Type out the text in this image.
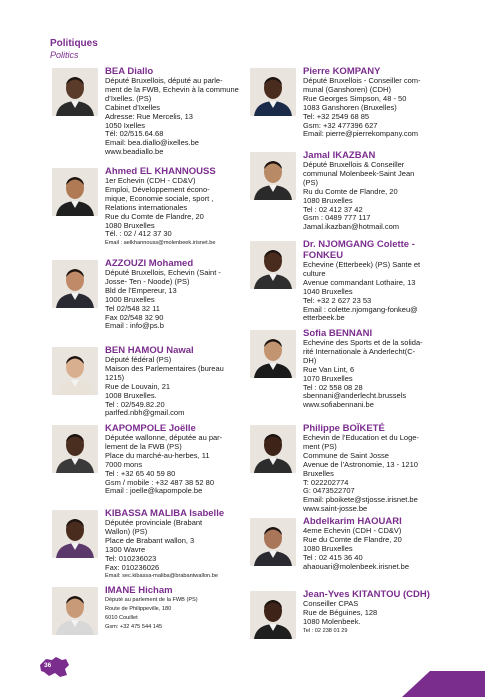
Politiques
Politics
BEA Diallo
Député Bruxellois, député au parle-
ment de la FWB, Echevin à la commune
d’Ixelles. (PS)
Cabinet d’Ixelles
Adresse: Rue Mercelis, 13
1050 Ixelles
Tél: 02/515.64.68
Email: bea.diallo@ixelles.be
www.beadiallo.be
Ahmed EL KHANNOUSS
1er Echevin (CDH - CD&V)
Emploi, Développement écono-
mique, Economie sociale, sport ,
Relations internationales
Rue du Comte de Flandre, 20
1080 Bruxelles
Tél. : 02 / 412 37 30
Email : aelkhannouss@molenbeek.irisnet.be
AZZOUZI Mohamed
Député Bruxellois, Echevin (Saint -
Josse- Ten - Noode) (PS)
Bld de l’Empereur, 13
1000 Bruxelles
Tel 02/548 32 11
Fax 02/548 32 90
Email : info@ps.b
BEN HAMOU Nawal
Député fédéral (PS)
Maison des Parlementaires (bureau
1215)
Rue de Louvain, 21
1008 Bruxelles.
Tel : 02/549.82.20
parlfed.nbh@gmail.com
KAPOMPOLE Joëlle
Députée wallonne, députée au par-
lement de la FWB (PS)
Place du marché-au-herbes, 11
7000 mons
Tel : +32 65 40 59 80
Gsm / mobile : +32 487 38 52 80
Email : joelle@kapompole.be
KIBASSA MALIBA Isabelle
Députée provinciale (Brabant
Wallon) (PS)
Place de Brabant wallon, 3
1300 Wavre
Tel: 010236023
Fax: 010236026
Email: sec.kibassa-maliba@brabantwallon.be
IMANE Hicham
Député au parlement de la FWB (PS)
Route de Philippeville, 180
6010 Couillet
Gsm: +32 475 544 145
Pierre KOMPANY
Député Bruxellois - Conseiller com-
munal (Ganshoren) (CDH)
Rue Georges Simpson, 48 - 50
1083 Ganshoren (Bruxelles)
Tel: +32 2549 68 85
Gsm: +32 477396 627
Email: pierre@pierrekompany.com
Jamal IKAZBAN
Député Bruxellois & Conseiller
communal Molenbeek-Saint Jean
(PS)
Ru du Comte de Flandre, 20
1080 Bruxelles
Tel : 02 412 37 42
Gsm : 0489 777 117
Jamal.ikazban@hotmail.com
Dr. NJOMGANG Colette -
FONKEU
Echevine (Etterbeek) (PS) Sante et
culture
Avenue commandant Lothaire, 13
1040 Bruxelles
Tel: +32 2 627 23 53
Email : colette.njomgang-fonkeu@
etterbeek.be
Sofia BENNANI
Echevine des Sports et de la solida-
rité Internationale à Anderlecht(C-
DH)
Rue Van Lint, 6
1070 Bruxelles
Tel : 02 558 08 28
sbennani@anderlecht.brussels
www.sofiabennani.be
Philippe BOÏKETÉ
Echevin de l’Education et du Loge-
ment (PS)
Commune de Saint Josse
Avenue de l’Astronomie, 13 - 1210
Bruxelles
T: 022202774
G: 0473522707
Email: pboikete@stjosse.irisnet.be
www.saint-josse.be
Abdelkarim HAOUARI
4eme Echevin (CDH - CD&V)
Rue du Comte de Flandre, 20
1080 Bruxelles
Tel : 02 415 36 40
ahaouari@molenbeek.irisnet.be
Jean-Yves KITANTOU (CDH)
Conseiller CPAS
Rue de Béguines, 128
1080 Molenbeek.
Tel : 02 238 01 29
36
